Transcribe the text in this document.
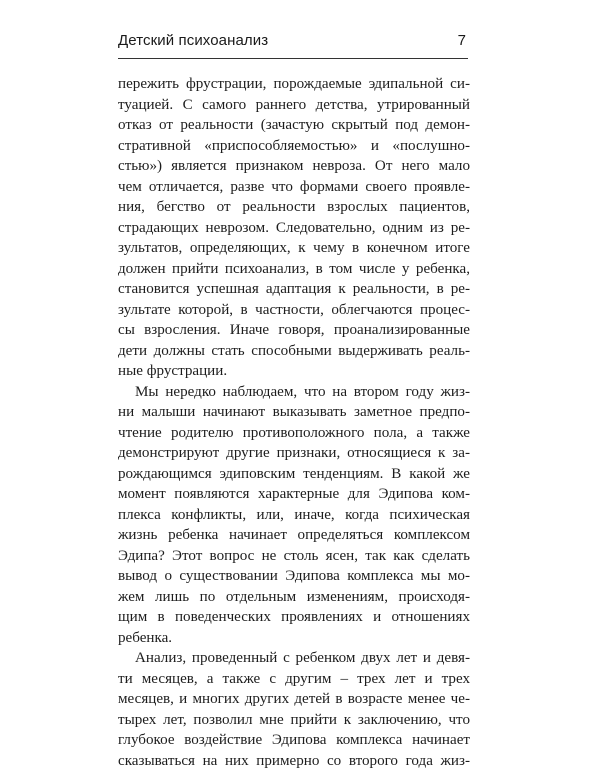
Детский психоанализ	7
пережить фрустрации, порождаемые эдипальной си-
туацией. С самого раннего детства, утрированный
отказ от реальности (зачастую скрытый под демон-
стративной «приспособляемостью» и «послушно-
стью») является признаком невроза. От него мало
чем отличается, разве что формами своего проявле-
ния, бегство от реальности взрослых пациентов,
страдающих неврозом. Следовательно, одним из ре-
зультатов, определяющих, к чему в конечном итоге
должен прийти психоанализ, в том числе у ребенка,
становится успешная адаптация к реальности, в ре-
зультате которой, в частности, облегчаются процес-
сы взросления. Иначе говоря, проанализированные
дети должны стать способными выдерживать реаль-
ные фрустрации.
Мы нередко наблюдаем, что на втором году жиз-
ни малыши начинают выказывать заметное предпо-
чтение родителю противоположного пола, а также
демонстрируют другие признаки, относящиеся к за-
рождающимся эдиповским тенденциям. В какой же
момент появляются характерные для Эдипова ком-
плекса конфликты, или, иначе, когда психическая
жизнь ребенка начинает определяться комплексом
Эдипа? Этот вопрос не столь ясен, так как сделать
вывод о существовании Эдипова комплекса мы мо-
жем лишь по отдельным изменениям, происходя-
щим в поведенческих проявлениях и отношениях
ребенка.
Анализ, проведенный с ребенком двух лет и девя-
ти месяцев, а также с другим – трех лет и трех
месяцев, и многих других детей в возрасте менее че-
тырех лет, позволил мне прийти к заключению, что
глубокое воздействие Эдипова комплекса начинает
сказываться на них примерно со второго года жиз-
